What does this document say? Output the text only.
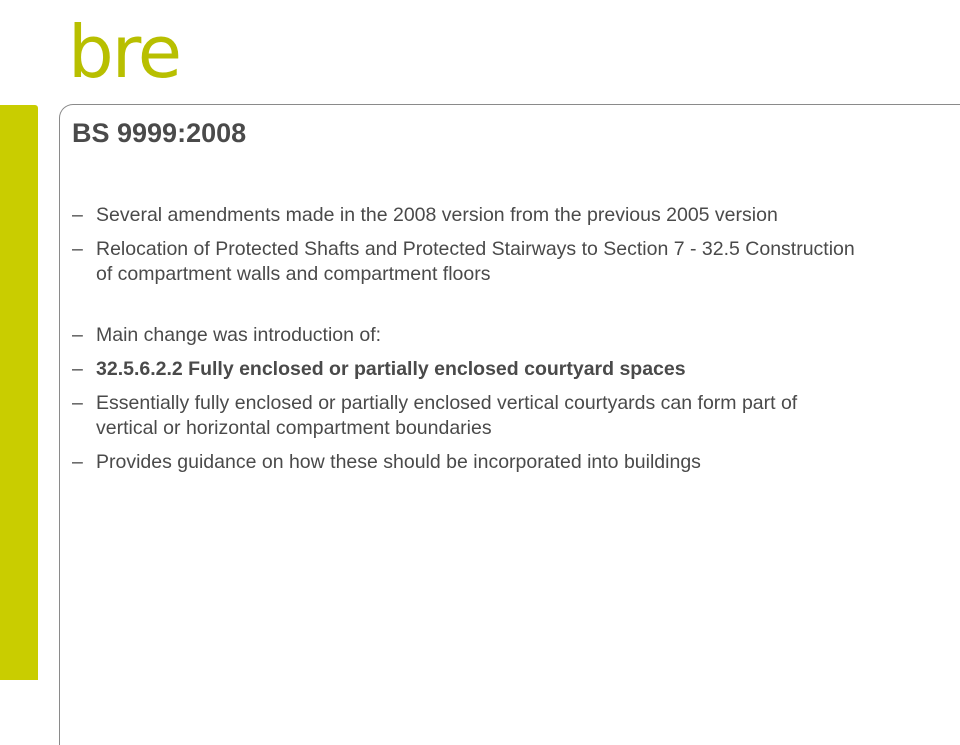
bre
BS 9999:2008
– Several amendments made in the 2008 version from the previous 2005 version
– Relocation of Protected Shafts and Protected Stairways to Section 7 - 32.5 Construction of compartment walls and compartment floors
– Main change was introduction of:
– 32.5.6.2.2 Fully enclosed or partially enclosed courtyard spaces
– Essentially fully enclosed or partially enclosed vertical courtyards can form part of vertical or horizontal compartment boundaries
– Provides guidance on how these should be incorporated into buildings
